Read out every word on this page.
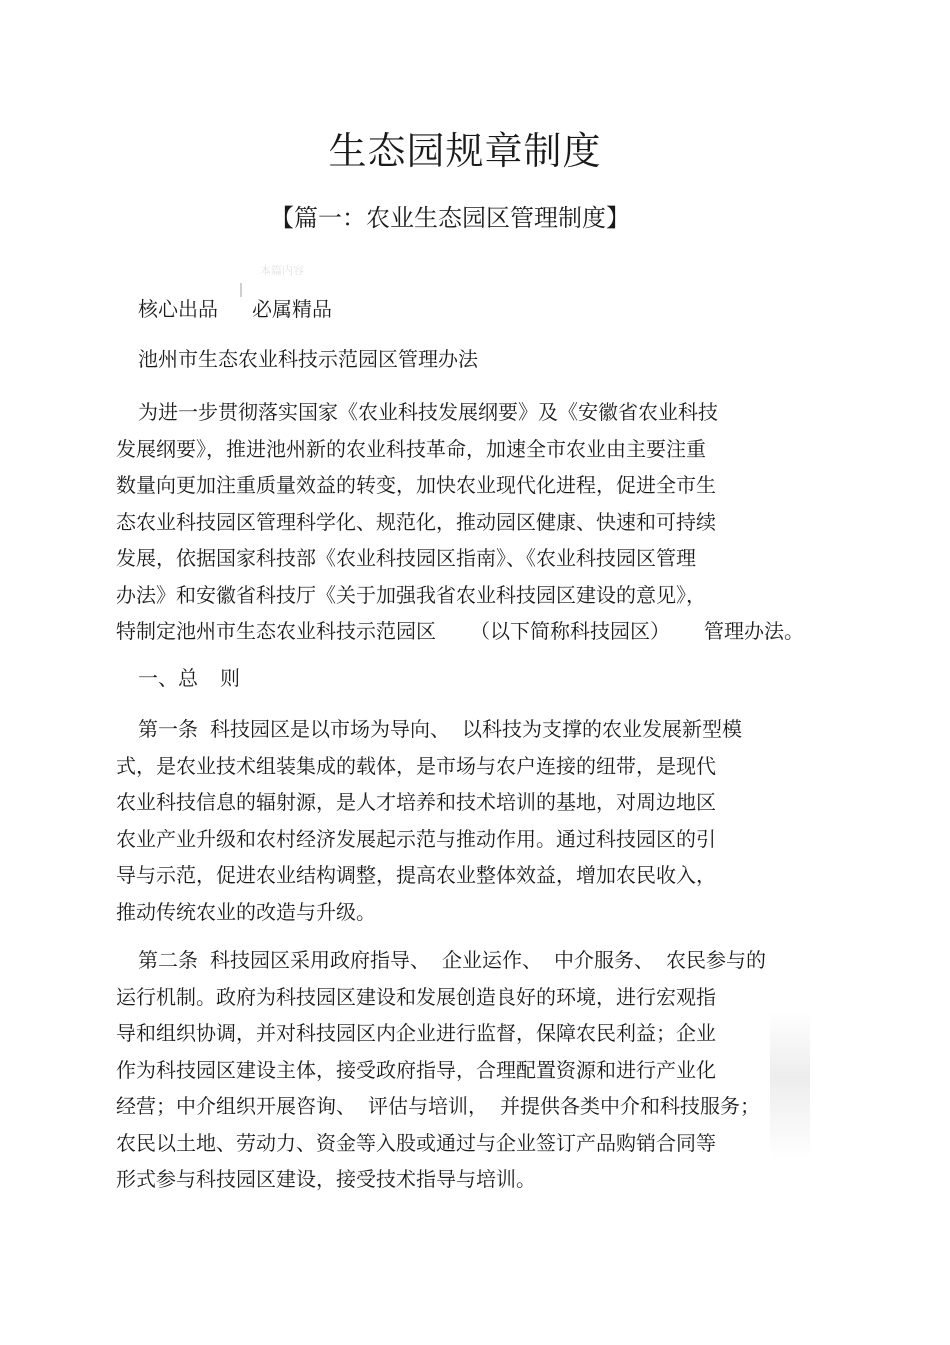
生态园规章制度
【篇一：农业生态园区管理制度】
本篇内容
核心出品 必属精品
池州市生态农业科技示范园区管理办法
为进一步贯彻落实国家《农业科技发展纲要》及《安徽省农业科技
发展纲要》，推进池州新的农业科技革命，加速全市农业由主要注重
数量向更加注重质量效益的转变，加快农业现代化进程，促进全市生
态农业科技园区管理科学化、规范化，推动园区健康、快速和可持续
发展，依据国家科技部《农业科技园区指南》、《农业科技园区管理
办法》和安徽省科技厅《关于加强我省农业科技园区建设的意见》，
特制定池州市生态农业科技示范园区 （以下简称科技园区） 管理办法。
一、总 则
第一条 科技园区是以市场为导向、 以科技为支撑的农业发展新型模
式，是农业技术组装集成的载体，是市场与农户连接的纽带，是现代
农业科技信息的辐射源，是人才培养和技术培训的基地，对周边地区
农业产业升级和农村经济发展起示范与推动作用。通过科技园区的引
导与示范，促进农业结构调整，提高农业整体效益，增加农民收入，
推动传统农业的改造与升级。
第二条 科技园区采用政府指导、 企业运作、 中介服务、 农民参与的
运行机制。政府为科技园区建设和发展创造良好的环境，进行宏观指
导和组织协调，并对科技园区内企业进行监督，保障农民利益；企业
作为科技园区建设主体，接受政府指导，合理配置资源和进行产业化
经营；中介组织开展咨询、 评估与培训， 并提供各类中介和科技服务；
农民以土地、劳动力、资金等入股或通过与企业签订产品购销合同等
形式参与科技园区建设，接受技术指导与培训。
